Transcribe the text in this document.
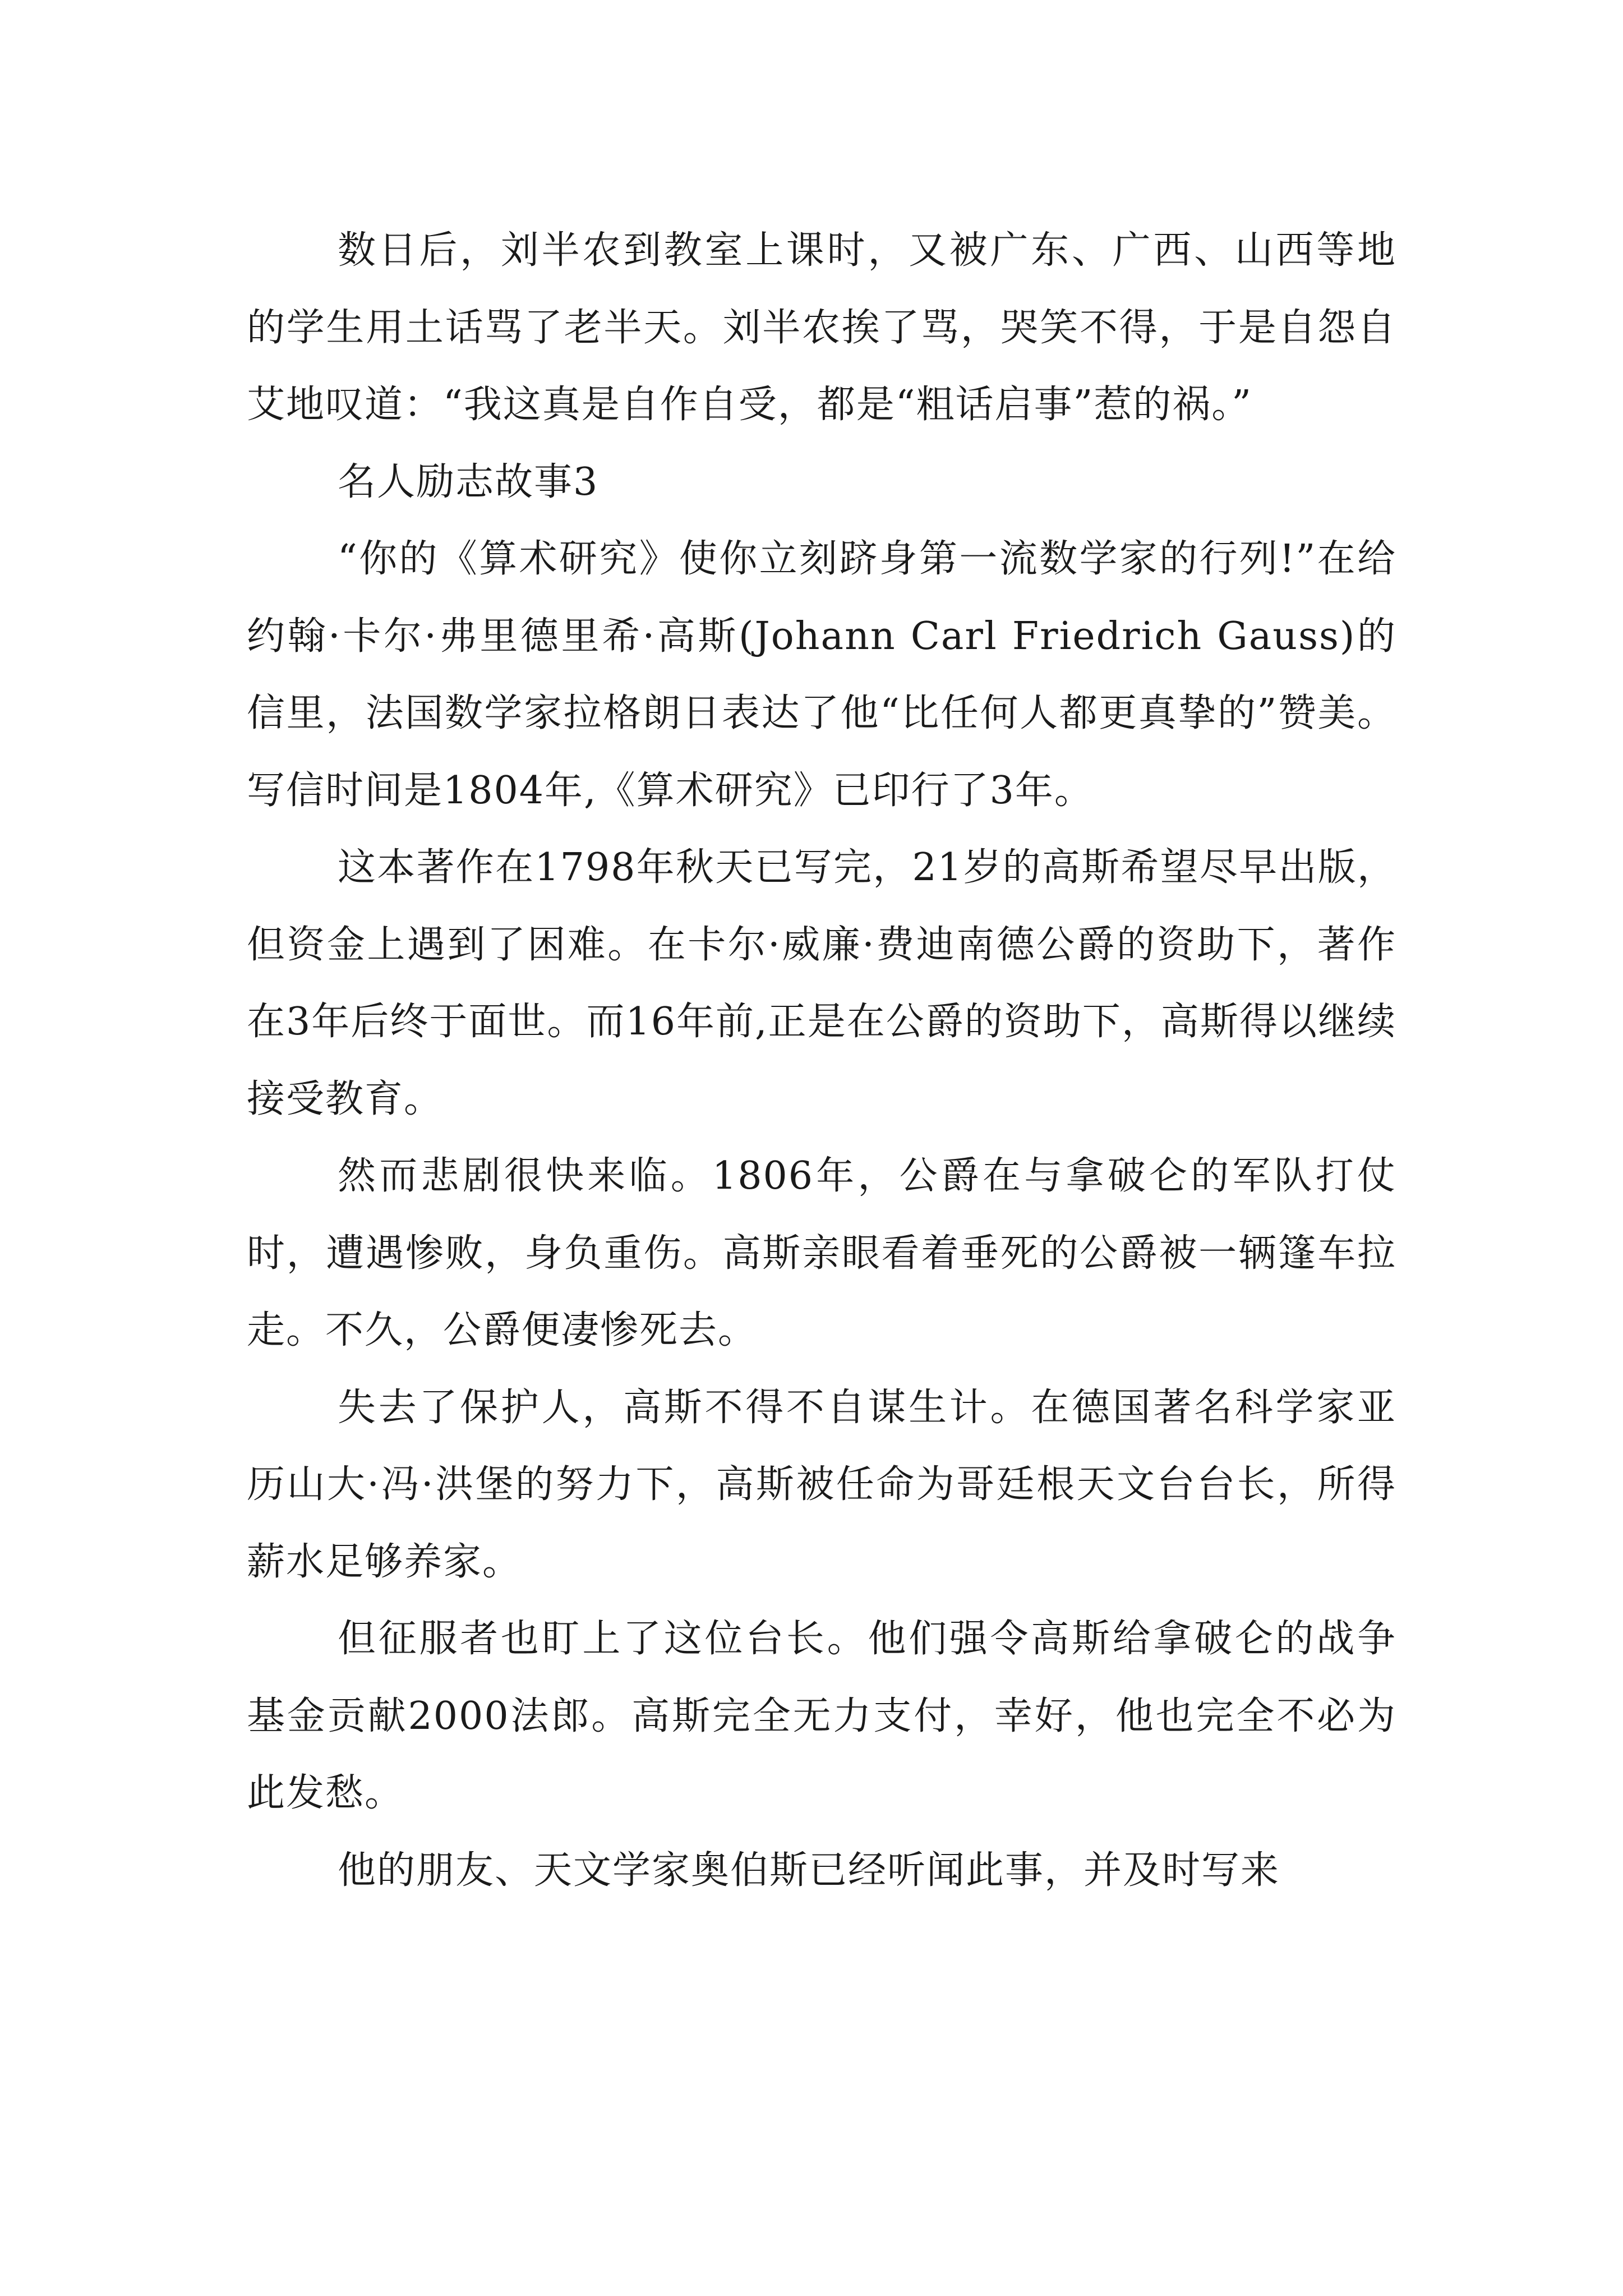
数日后，刘半农到教室上课时，又被广东、广西、山西等地的学生用土话骂了老半天。刘半农挨了骂，哭笑不得，于是自怨自艾地叹道：“我这真是自作自受，都是“粗话启事”惹的祸。”

名人励志故事3

“你的《算术研究》使你立刻跻身第一流数学家的行列!”在给约翰·卡尔·弗里德里希·高斯(Johann Carl Friedrich Gauss)的信里，法国数学家拉格朗日表达了他“比任何人都更真挚的”赞美。写信时间是1804年,《算术研究》已印行了3年。

这本著作在1798年秋天已写完，21岁的高斯希望尽早出版，但资金上遇到了困难。在卡尔·威廉·费迪南德公爵的资助下，著作在3年后终于面世。而16年前,正是在公爵的资助下，高斯得以继续接受教育。

然而悲剧很快来临。1806年，公爵在与拿破仑的军队打仗时，遭遇惨败，身负重伤。高斯亲眼看着垂死的公爵被一辆篷车拉走。不久，公爵便凄惨死去。

失去了保护人，高斯不得不自谋生计。在德国著名科学家亚历山大·冯·洪堡的努力下，高斯被任命为哥廷根天文台台长，所得薪水足够养家。

但征服者也盯上了这位台长。他们强令高斯给拿破仑的战争基金贡献2000法郎。高斯完全无力支付，幸好，他也完全不必为此发愁。

他的朋友、天文学家奥伯斯已经听闻此事，并及时写来
